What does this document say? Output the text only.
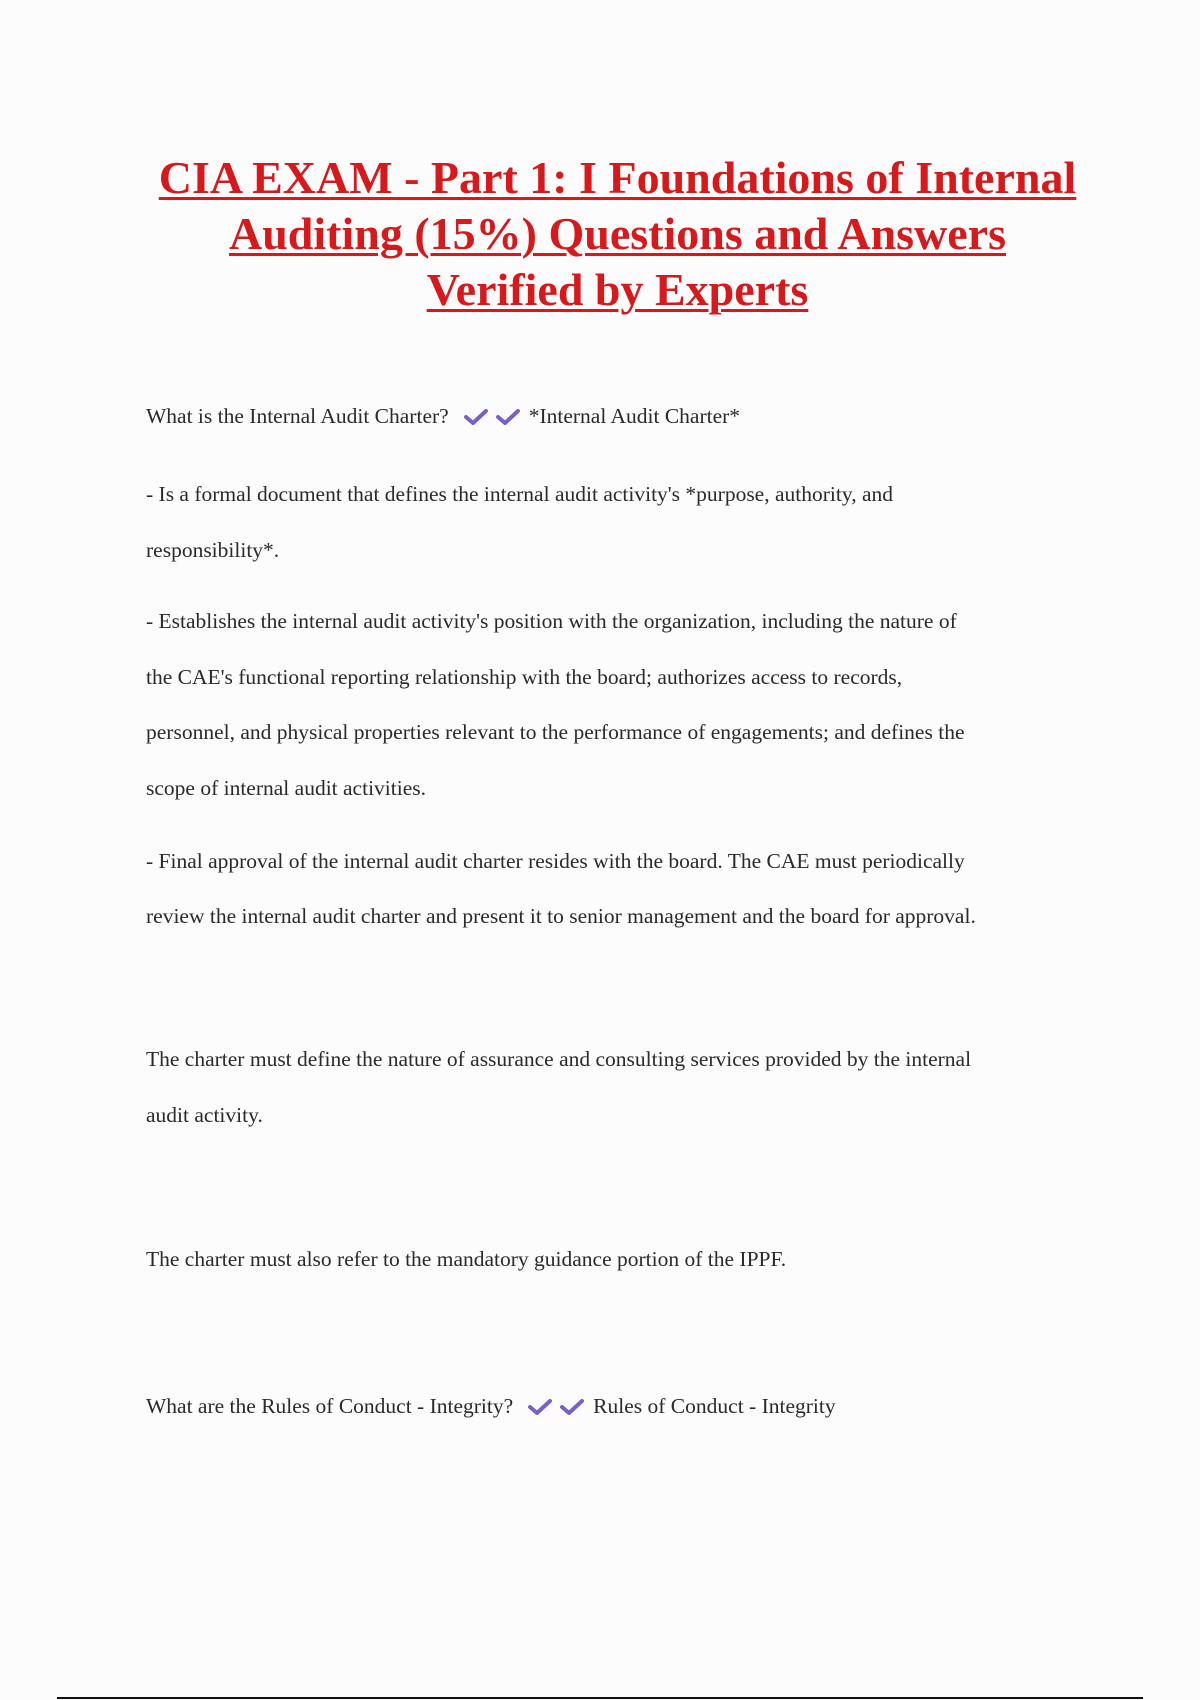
CIA EXAM - Part 1: I Foundations of Internal Auditing (15%) Questions and Answers Verified by Experts
What is the Internal Audit Charter?	*Internal Audit Charter*
- Is a formal document that defines the internal audit activity's *purpose, authority, and
responsibility*.
- Establishes the internal audit activity's position with the organization, including the nature of
the CAE's functional reporting relationship with the board; authorizes access to records,
personnel, and physical properties relevant to the performance of engagements; and defines the
scope of internal audit activities.
- Final approval of the internal audit charter resides with the board. The CAE must periodically
review the internal audit charter and present it to senior management and the board for approval.
The charter must define the nature of assurance and consulting services provided by the internal
audit activity.
The charter must also refer to the mandatory guidance portion of the IPPF.
What are the Rules of Conduct - Integrity?	Rules of Conduct - Integrity
